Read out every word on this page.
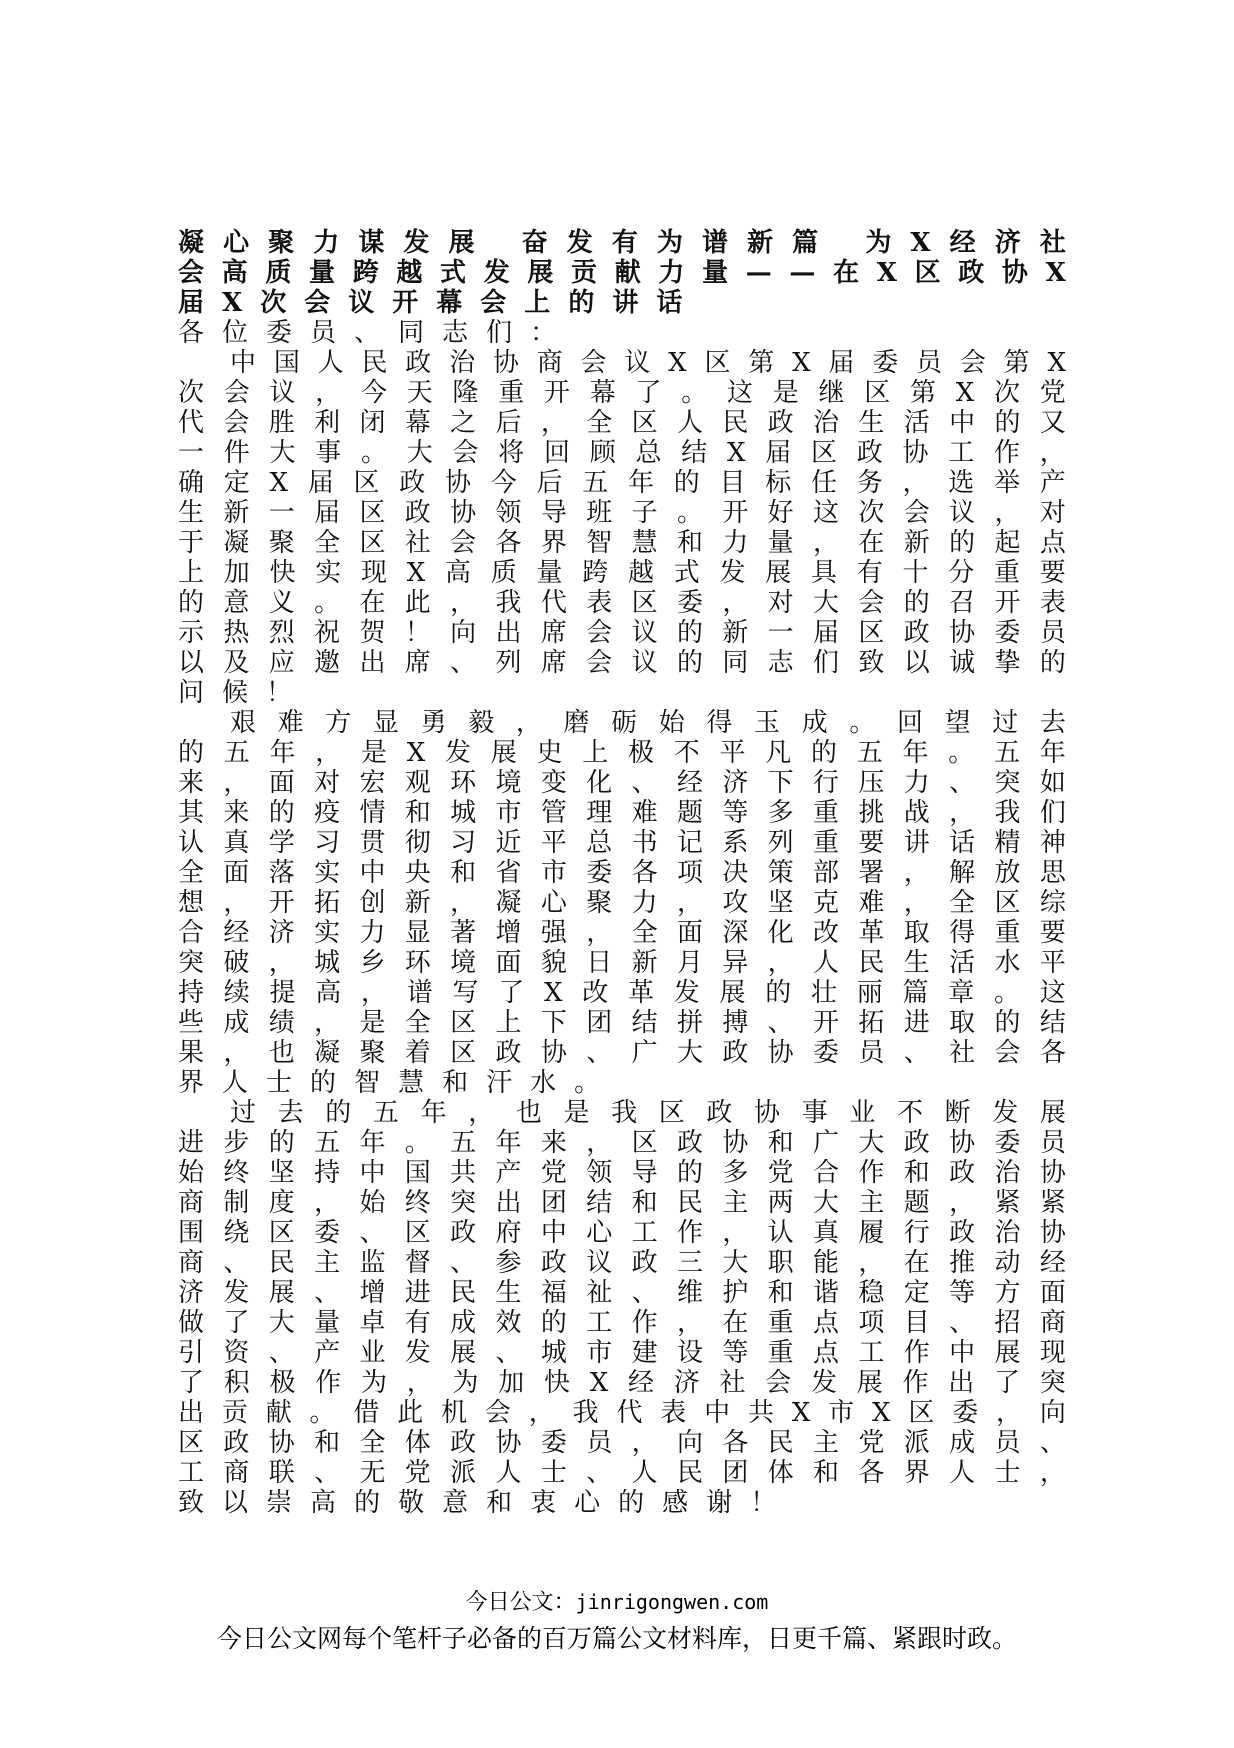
凝 心 聚 力 谋 发 展
奋 发 有 为 谱 新 篇
为 X 经 济 社
会 高 质 量 跨 越 式 发 展 贡 献 力 量 — — 在 X 区 政 协 X
届 X 次 会 议 开 幕 会 上 的 讲 话
各 位 委 员 、 同 志 们 ：
中 国 人 民 政 治 协 商 会 议 X 区 第 X 届 委 员 会 第 X
次 会 议 ， 今 天 隆 重 开 幕 了 。 这 是 继 区 第 X 次 党
代 会 胜 利 闭 幕 之 后 ， 全 区 人 民 政 治 生 活 中 的 又
一 件 大 事 。 大 会 将 回 顾 总 结 X 届 区 政 协 工 作 ，
确 定 X 届 区 政 协 今 后 五 年 的 目 标 任 务 ， 选 举 产
生 新 一 届 区 政 协 领 导 班 子 。 开 好 这 次 会 议 ， 对
于 凝 聚 全 区 社 会 各 界 智 慧 和 力 量 ， 在 新 的 起 点
上 加 快 实 现 X 高 质 量 跨 越 式 发 展 具 有 十 分 重 要
的 意 义 。 在 此 ， 我 代 表 区 委 ， 对 大 会 的 召 开 表
示 热 烈 祝 贺 ！ 向 出 席 会 议 的 新 一 届 区 政 协 委 员
以 及 应 邀 出 席 、 列 席 会 议 的 同 志 们 致 以 诚 挚 的
问 候 ！
艰 难 方 显 勇 毅 ， 磨 砺 始 得 玉 成 。 回 望 过 去
的 五 年 ， 是 X 发 展 史 上 极 不 平 凡 的 五 年 。 五 年
来 ， 面 对 宏 观 环 境 变 化 、 经 济 下 行 压 力 、 突 如
其 来 的 疫 情 和 城 市 管 理 难 题 等 多 重 挑 战 ， 我 们
认 真 学 习 贯 彻 习 近 平 总 书 记 系 列 重 要 讲 话 精 神
全 面 落 实 中 央 和 省 市 委 各 项 决 策 部 署 ， 解 放 思
想 ， 开 拓 创 新 ， 凝 心 聚 力 ， 攻 坚 克 难 ， 全 区 综
合 经 济 实 力 显 著 增 强 ， 全 面 深 化 改 革 取 得 重 要
突 破 ， 城 乡 环 境 面 貌 日 新 月 异 ， 人 民 生 活 水 平
持 续 提 高 ， 谱 写 了 X 改 革 发 展 的 壮 丽 篇 章 。 这
些 成 绩 ， 是 全 区 上 下 团 结 拼 搏 、 开 拓 进 取 的 结
果 ， 也 凝 聚 着 区 政 协 、 广 大 政 协 委 员 、 社 会 各
界 人 士 的 智 慧 和 汗 水 。
过 去 的 五 年 ， 也 是 我 区 政 协 事 业 不 断 发 展
进 步 的 五 年 。 五 年 来 ， 区 政 协 和 广 大 政 协 委 员
始 终 坚 持 中 国 共 产 党 领 导 的 多 党 合 作 和 政 治 协
商 制 度 ， 始 终 突 出 团 结 和 民 主 两 大 主 题 ， 紧 紧
围 绕 区 委 、 区 政 府 中 心 工 作 ， 认 真 履 行 政 治 协
商 、 民 主 监 督 、 参 政 议 政 三 大 职 能 ， 在 推 动 经
济 发 展 、 增 进 民 生 福 祉 、 维 护 和 谐 稳 定 等 方 面
做 了 大 量 卓 有 成 效 的 工 作 ， 在 重 点 项 目 、 招 商
引 资 、 产 业 发 展 、 城 市 建 设 等 重 点 工 作 中 展 现
了 积 极 作 为 ， 为 加 快 X 经 济 社 会 发 展 作 出 了 突
出 贡 献 。 借 此 机 会 ， 我 代 表 中 共 X 市 X 区 委 ， 向
区 政 协 和 全 体 政 协 委 员 ， 向 各 民 主 党 派 成 员 、
工 商 联 、 无 党 派 人 士 、 人 民 团 体 和 各 界 人 士 ，
致 以 崇 高 的 敬 意 和 衷 心 的 感 谢 ！
今日公文：jinrigongwen.com
今日公文网每个笔杆子必备的百万篇公文材料库，日更千篇、紧跟时政。
